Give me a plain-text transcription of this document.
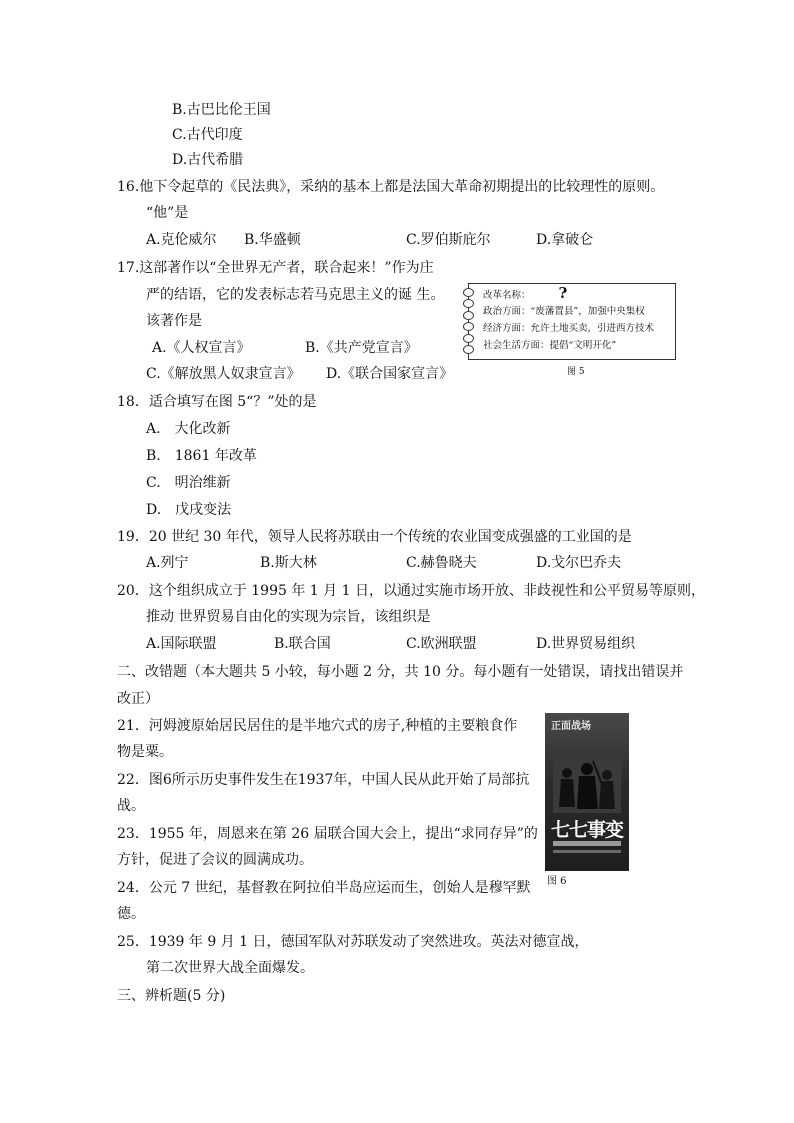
B.古巴比伦王国
C.古代印度
D.古代希腊
16.他下令起草的《民法典》，采纳的基本上都是法国大革命初期提出的比较理性的原则。
“他”是
A.克伦威尔 B.华盛顿	C.罗伯斯庇尔	D.拿破仑
17.这部著作以“全世界无产者，联合起来！”作为庄
严的结语，它的发表标志若马克思主义的诞 生。
该著作是
A.《人权宣言》	B.《共产党宣言》
C.《解放黑人奴隶宣言》 D.《联合国家宣言》
改革名称： ?
政治方面：“废藩置县”，加强中央集权
经济方面：允许土地买卖，引进西方技术
社会生活方面：提倡“文明开化”
图 5
18．适合填写在图 5“？”处的是
A.　大化改新
B.　1861 年改革
C.　明治维新
D.　戊戌变法
19．20 世纪 30 年代，领导人民将苏联由一个传统的农业国变成强盛的工业国的是
A.列宁	B.斯大林	C.赫鲁晓夫	D.戈尔巴乔夫
20．这个组织成立于 1995 年 1 月 1 日，以通过实施市场开放、非歧视性和公平贸易等原则，
推动 世界贸易自由化的实现为宗旨，该组织是
A.国际联盟	B.联合国	C.欧洲联盟	D.世界贸易组织
二、改错题（本大题共 5 小较，每小题 2 分，共 10 分。每小题有一处错误，请找出错误并
改正）
正面战场
七七事变
图 6
21．河姆渡原始居民居住的是半地穴式的房子,种植的主要粮食作
物是粟。
22．图6所示历史事件发生在1937年，中国人民从此开始了局部抗
战。
23．1955 年，周恩来在第 26 届联合国大会上，提出“求同存异”的
方针，促进了会议的圆满成功。
24．公元 7 世纪，基督教在阿拉伯半岛应运而生，创始人是穆罕默
德。
25．1939 年 9 月 1 日，德国军队对苏联发动了突然进攻。英法对德宣战，
第二次世界大战全面爆发。
三、辨析题(5 分)
